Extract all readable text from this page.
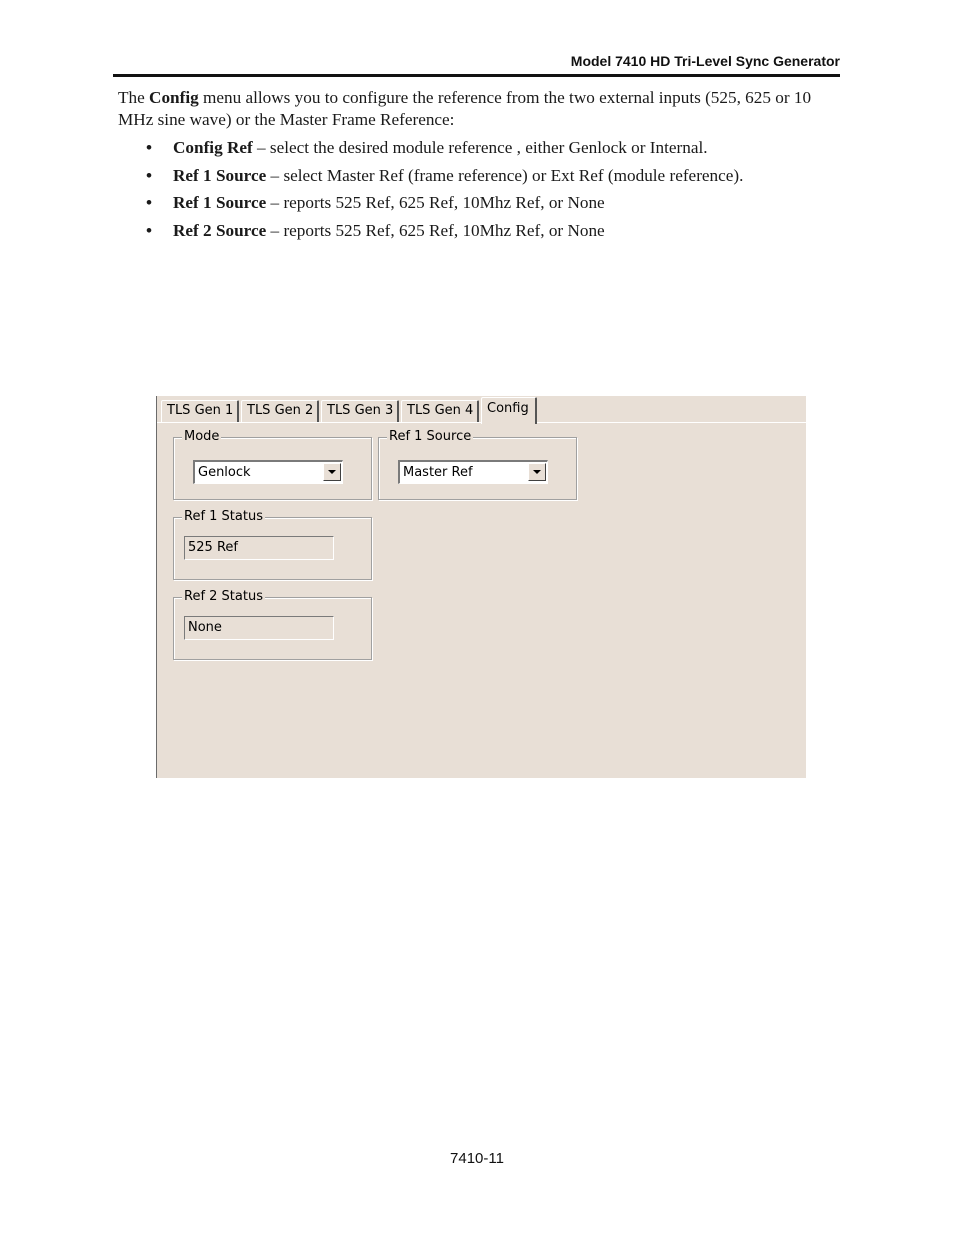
Model 7410 HD Tri-Level Sync Generator
The Config menu allows you to configure the reference from the two external inputs (525, 625 or 10 MHz sine wave) or the Master Frame Reference:
• Config Ref – select the desired module reference , either Genlock or Internal.
• Ref 1 Source – select Master Ref (frame reference) or Ext Ref (module reference).
• Ref 1 Source – reports 525 Ref, 625 Ref, 10Mhz Ref, or None
• Ref 2 Source – reports 525 Ref, 625 Ref, 10Mhz Ref, or None
TLS Gen 1	TLS Gen 2	TLS Gen 3	TLS Gen 4	Config
Mode
Genlock
Ref 1 Source
Master Ref
Ref 1 Status
525 Ref
Ref 2 Status
None
7410-11
